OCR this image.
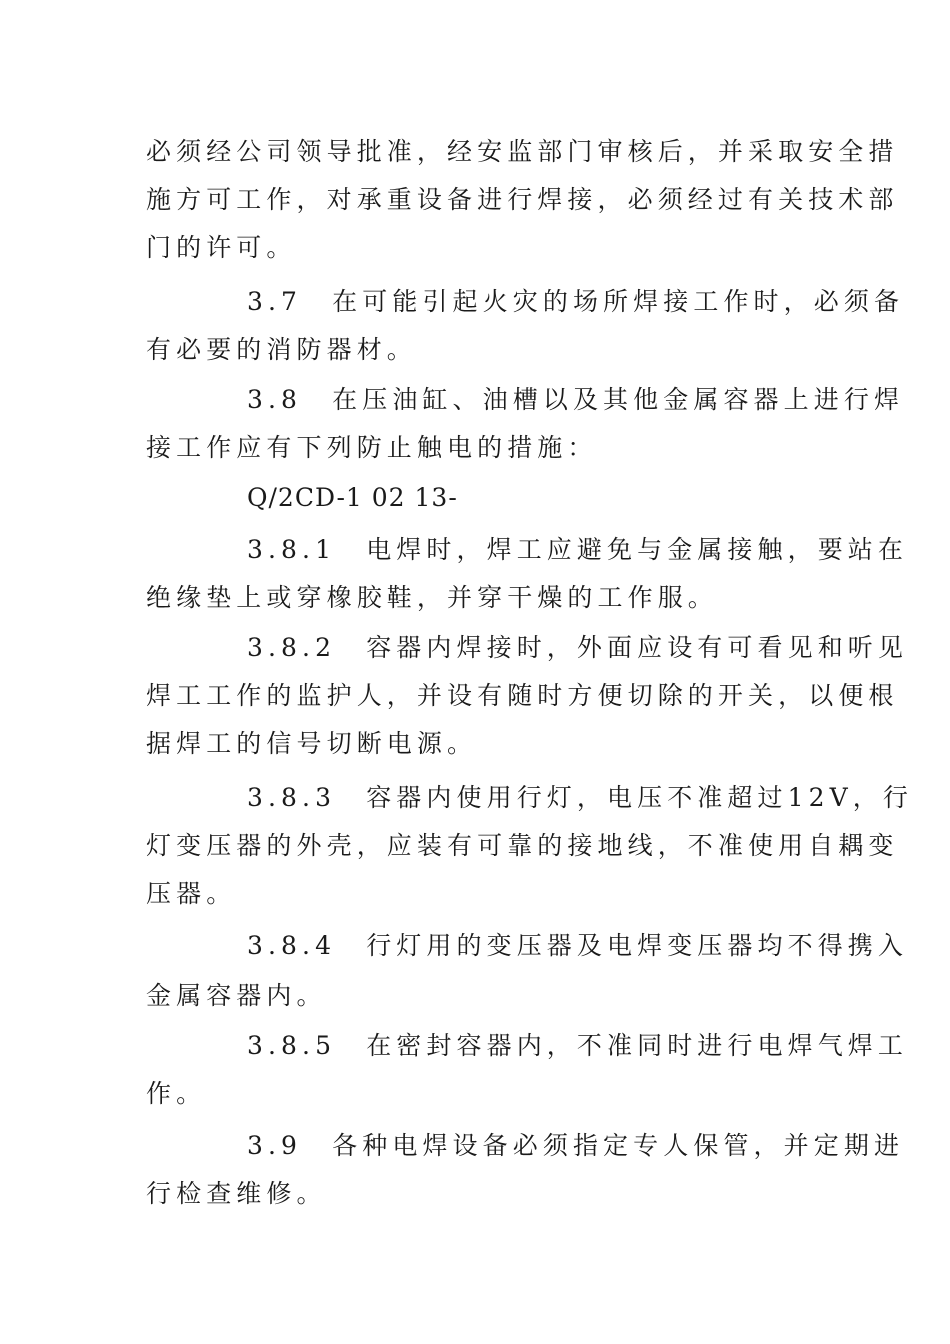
必须经公司领导批准，经安监部门审核后，并采取安全措
施方可工作，对承重设备进行焊接，必须经过有关技术部
门的许可。
3.7　在可能引起火灾的场所焊接工作时，必须备
有必要的消防器材。
3.8　在压油缸、油槽以及其他金属容器上进行焊
接工作应有下列防止触电的措施：
Q/2CD-1 02 13-
3.8.1　电焊时，焊工应避免与金属接触，要站在
绝缘垫上或穿橡胶鞋，并穿干燥的工作服。
3.8.2　容器内焊接时，外面应设有可看见和听见
焊工工作的监护人，并设有随时方便切除的开关，以便根
据焊工的信号切断电源。
3.8.3　容器内使用行灯，电压不准超过12V，行
灯变压器的外壳，应装有可靠的接地线，不准使用自耦变
压器。
3.8.4　行灯用的变压器及电焊变压器均不得携入
金属容器内。
3.8.5　在密封容器内，不准同时进行电焊气焊工
作。
3.9　各种电焊设备必须指定专人保管，并定期进
行检查维修。
